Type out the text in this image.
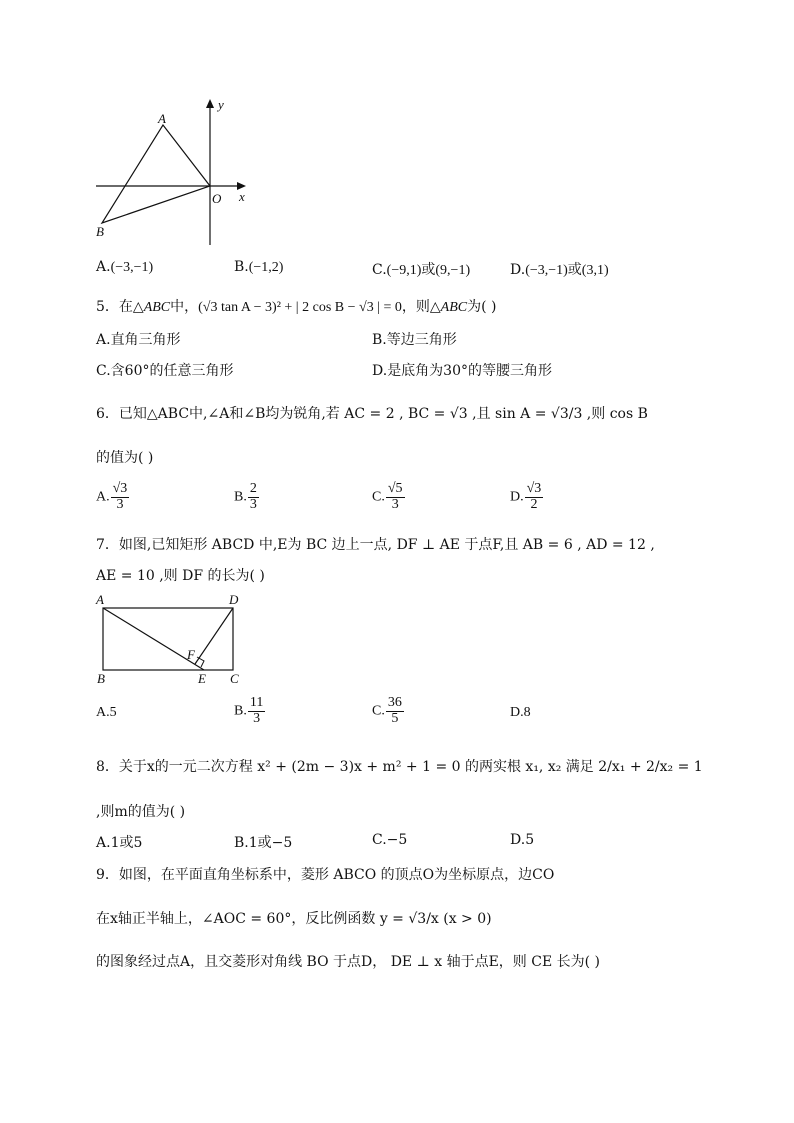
A
B
O x
y
A.(−3,−1)	B.(−1,2)	C.(−9,1)或(9,−1)	D.(−3,−1)或(3,1)
5．在△ABC中，(√3 tan A − 3)² + | 2 cos B − √3 | = 0，则△ABC为( )
A.直角三角形	B.等边三角形
C.含60°的任意三角形	D.是底角为30°的等腰三角形
6．已知△ABC中,∠A和∠B均为锐角,若 AC = 2 , BC = √3 ,且 sin A = √3/3 ,则 cos B
的值为( )
A. $\frac{√3}{3}$	B. $\frac{2}{3}$	C. $\frac{√5}{3}$	D. $\frac{√3}{2}$
7．如图,已知矩形 ABCD 中,E为 BC 边上一点, DF ⊥ AE 于点F,且 AB = 6 , AD = 12 ,
AE = 10 ,则 DF 的长为( )
A	D
B	E C
F
A.5	B. $\frac{11}{3}$	C. $\frac{36}{5}$	D.8
8．关于x的一元二次方程 x² + (2m − 3)x + m² + 1 = 0 的两实根 x₁, x₂ 满足 2/x₁ + 2/x₂ = 1
,则m的值为( )
A.1或5	B.1或−5	C.−5	D.5
9．如图，在平面直角坐标系中，菱形 ABCO 的顶点O为坐标原点，边CO
在x轴正半轴上，∠AOC = 60°，反比例函数 y = √3/x (x > 0)
的图象经过点A，且交菱形对角线 BO 于点D， DE ⊥ x 轴于点E，则 CE 长为( )
